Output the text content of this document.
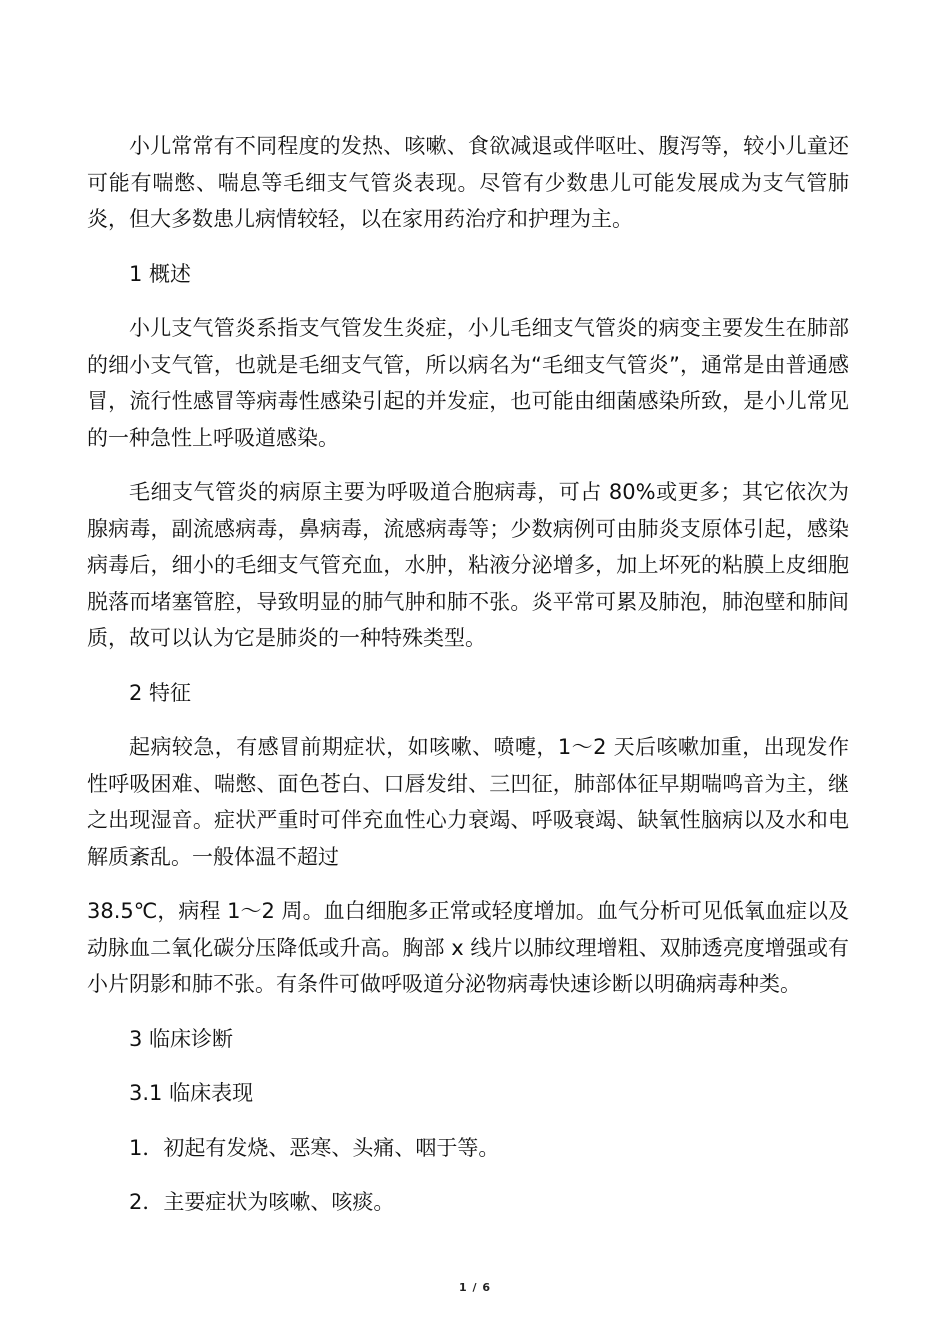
小儿常常有不同程度的发热、咳嗽、食欲减退或伴呕吐、腹泻等，较小儿童还可能有喘憋、喘息等毛细支气管炎表现。尽管有少数患儿可能发展成为支气管肺炎，但大多数患儿病情较轻，以在家用药治疗和护理为主。

1 概述

小儿支气管炎系指支气管发生炎症，小儿毛细支气管炎的病变主要发生在肺部的细小支气管，也就是毛细支气管，所以病名为“毛细支气管炎”，通常是由普通感冒，流行性感冒等病毒性感染引起的并发症，也可能由细菌感染所致，是小儿常见的一种急性上呼吸道感染。

毛细支气管炎的病原主要为呼吸道合胞病毒，可占 80%或更多；其它依次为腺病毒，副流感病毒，鼻病毒，流感病毒等；少数病例可由肺炎支原体引起，感染病毒后，细小的毛细支气管充血，水肿，粘液分泌增多，加上坏死的粘膜上皮细胞脱落而堵塞管腔，导致明显的肺气肿和肺不张。炎平常可累及肺泡，肺泡壁和肺间质，故可以认为它是肺炎的一种特殊类型。

2 特征

起病较急，有感冒前期症状，如咳嗽、喷嚏，1～2 天后咳嗽加重，出现发作性呼吸困难、喘憋、面色苍白、口唇发绀、三凹征，肺部体征早期喘鸣音为主，继之出现湿音。症状严重时可伴充血性心力衰竭、呼吸衰竭、缺氧性脑病以及水和电解质紊乱。一般体温不超过

38.5℃，病程 1～2 周。血白细胞多正常或轻度增加。血气分析可见低氧血症以及动脉血二氧化碳分压降低或升高。胸部 x 线片以肺纹理增粗、双肺透亮度增强或有小片阴影和肺不张。有条件可做呼吸道分泌物病毒快速诊断以明确病毒种类。

3 临床诊断

3.1 临床表现

1．初起有发烧、恶寒、头痛、咽于等。

2．主要症状为咳嗽、咳痰。

1 / 6
